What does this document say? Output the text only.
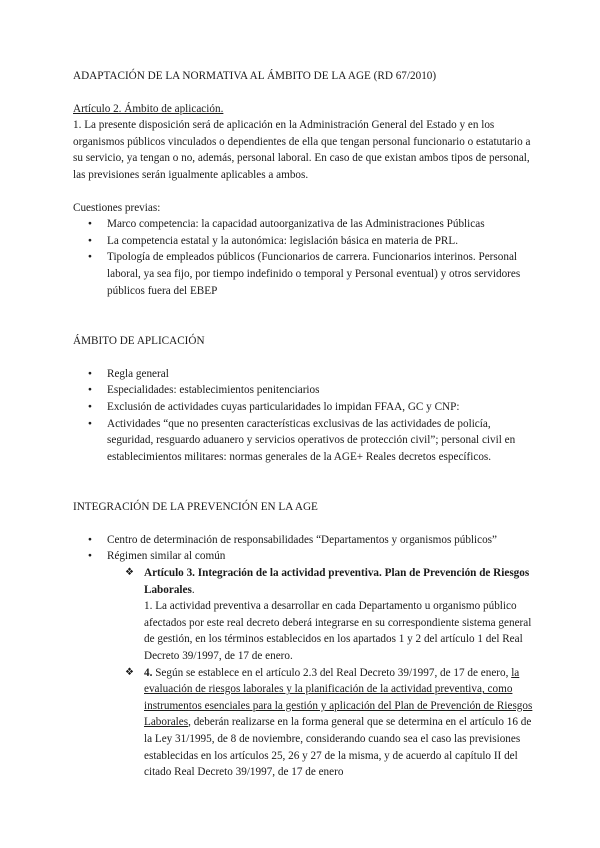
ADAPTACIÓN DE LA NORMATIVA AL ÁMBITO DE LA AGE (RD 67/2010)

Artículo 2. Ámbito de aplicación.

1. La presente disposición será de aplicación en la Administración General del Estado y en los organismos públicos vinculados o dependientes de ella que tengan personal funcionario o estatutario a su servicio, ya tengan o no, además, personal laboral. En caso de que existan ambos tipos de personal, las previsiones serán igualmente aplicables a ambos.

Cuestiones previas:

● Marco competencia: la capacidad autoorganizativa de las Administraciones Públicas
● La competencia estatal y la autonómica: legislación básica en materia de PRL.
● Tipología de empleados públicos (Funcionarios de carrera. Funcionarios interinos. Personal laboral, ya sea fijo, por tiempo indefinido o temporal y Personal eventual) y otros servidores públicos fuera del EBEP

ÁMBITO DE APLICACIÓN

● Regla general
● Especialidades: establecimientos penitenciarios
● Exclusión de actividades cuyas particularidades lo impidan FFAA, GC y CNP:
● Actividades “que no presenten características exclusivas de las actividades de policía, seguridad, resguardo aduanero y servicios operativos de protección civil”; personal civil en establecimientos militares: normas generales de la AGE+ Reales decretos específicos.

INTEGRACIÓN DE LA PREVENCIÓN EN LA AGE

● Centro de determinación de responsabilidades “Departamentos y organismos públicos”
● Régimen similar al común
❖ Artículo 3. Integración de la actividad preventiva. Plan de Prevención de Riesgos Laborales.
1. La actividad preventiva a desarrollar en cada Departamento u organismo público afectados por este real decreto deberá integrarse en su correspondiente sistema general de gestión, en los términos establecidos en los apartados 1 y 2 del artículo 1 del Real Decreto 39/1997, de 17 de enero.
❖ 4. Según se establece en el artículo 2.3 del Real Decreto 39/1997, de 17 de enero, la evaluación de riesgos laborales y la planificación de la actividad preventiva, como instrumentos esenciales para la gestión y aplicación del Plan de Prevención de Riesgos Laborales, deberán realizarse en la forma general que se determina en el artículo 16 de la Ley 31/1995, de 8 de noviembre, considerando cuando sea el caso las previsiones establecidas en los artículos 25, 26 y 27 de la misma, y de acuerdo al capítulo II del citado Real Decreto 39/1997, de 17 de enero
